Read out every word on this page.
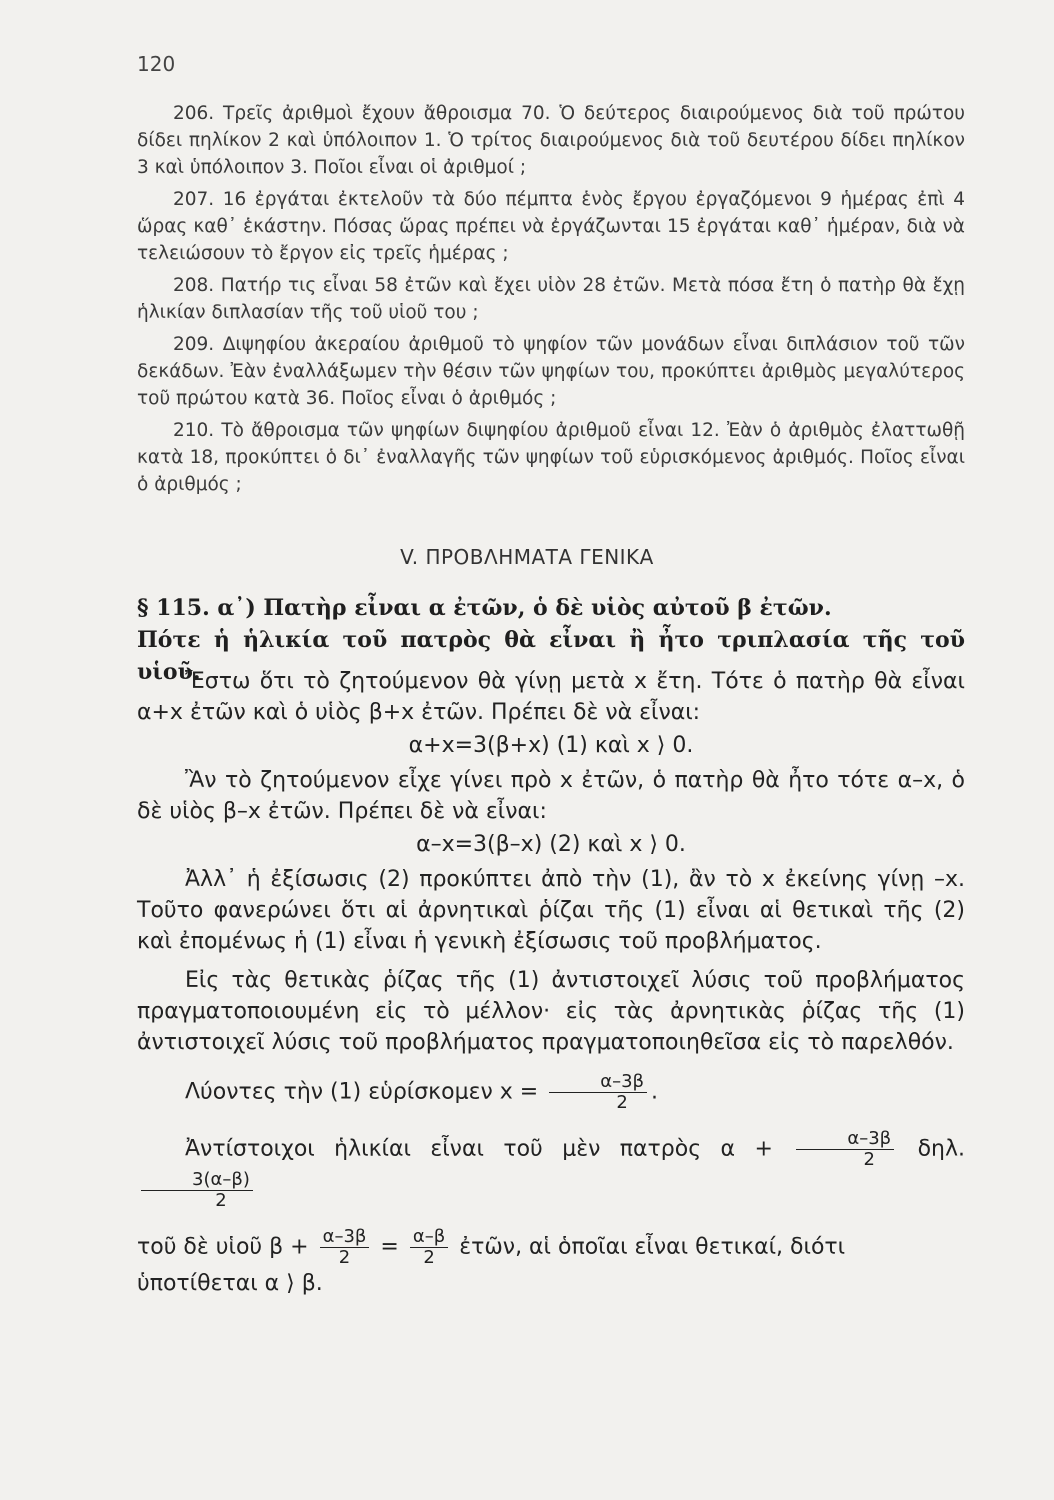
120

206. Τρεῖς ἀριθμοὶ ἔχουν ἄθροισμα 70. Ὁ δεύτερος διαιρούμενος διὰ τοῦ πρώτου δίδει πηλίκον 2 καὶ ὑπόλοιπον 1. Ὁ τρίτος διαιρούμενος διὰ τοῦ δευτέρου δίδει πηλίκον 3 καὶ ὑπόλοιπον 3. Ποῖοι εἶναι οἱ ἀριθμοί ;

207. 16 ἐργάται ἐκτελοῦν τὰ δύο πέμπτα ἑνὸς ἔργου ἐργαζόμενοι 9 ἡμέρας ἐπὶ 4 ὥρας καθ᾽ ἑκάστην. Πόσας ὥρας πρέπει νὰ ἐργάζωνται 15 ἐργάται καθ᾽ ἡμέραν, διὰ νὰ τελειώσουν τὸ ἔργον εἰς τρεῖς ἡμέρας ;

208. Πατήρ τις εἶναι 58 ἐτῶν καὶ ἔχει υἱὸν 28 ἐτῶν. Μετὰ πόσα ἔτη ὁ πατὴρ θὰ ἔχῃ ἡλικίαν διπλασίαν τῆς τοῦ υἱοῦ του ;

209. Διψηφίου ἀκεραίου ἀριθμοῦ τὸ ψηφίον τῶν μονάδων εἶναι διπλάσιον τοῦ τῶν δεκάδων. Ἐὰν ἐναλλάξωμεν τὴν θέσιν τῶν ψηφίων του, προκύπτει ἀριθμὸς μεγαλύτερος τοῦ πρώτου κατὰ 36. Ποῖος εἶναι ὁ ἀριθμός ;

210. Τὸ ἄθροισμα τῶν ψηφίων διψηφίου ἀριθμοῦ εἶναι 12. Ἐὰν ὁ ἀριθμὸς ἐλαττωθῇ κατὰ 18, προκύπτει ὁ δι᾽ ἐναλλαγῆς τῶν ψηφίων τοῦ εὑρισκόμενος ἀριθμός. Ποῖος εἶναι ὁ ἀριθμός ;

V. ΠΡΟΒΛΗΜΑΤΑ ΓΕΝΙΚΑ
§ 115. α᾽) Πατὴρ εἶναι α ἐτῶν, ὁ δὲ υἱὸς αὐτοῦ β ἐτῶν.
Πότε ἡ ἡλικία τοῦ πατρὸς θὰ εἶναι ἢ ἦτο τριπλασία τῆς τοῦ υἱοῦ.

Ἔστω ὅτι τὸ ζητούμενον θὰ γίνῃ μετὰ x ἔτη. Τότε ὁ πατὴρ θὰ εἶναι α+x ἐτῶν καὶ ὁ υἱὸς β+x ἐτῶν. Πρέπει δὲ νὰ εἶναι:

α+x=3(β+x) (1) καὶ x ⟩ 0.

Ἂν τὸ ζητούμενον εἶχε γίνει πρὸ x ἐτῶν, ὁ πατὴρ θὰ ἦτο τότε α–x, ὁ δὲ υἱὸς β–x ἐτῶν. Πρέπει δὲ νὰ εἶναι:

α–x=3(β–x) (2) καὶ x ⟩ 0.

Ἀλλ᾽ ἡ ἐξίσωσις (2) προκύπτει ἀπὸ τὴν (1), ἂν τὸ x ἐκείνης γίνῃ –x. Τοῦτο φανερώνει ὅτι αἱ ἀρνητικαὶ ῥίζαι τῆς (1) εἶναι αἱ θετικαὶ τῆς (2) καὶ ἐπομένως ἡ (1) εἶναι ἡ γενικὴ ἐξίσωσις τοῦ προβλήματος.

Εἰς τὰς θετικὰς ῥίζας τῆς (1) ἀντιστοιχεῖ λύσις τοῦ προβλήματος πραγματοποιουμένη εἰς τὸ μέλλον· εἰς τὰς ἀρνητικὰς ῥίζας τῆς (1) ἀντιστοιχεῖ λύσις τοῦ προβλήματος πραγματοποιηθεῖσα εἰς τὸ παρελθόν.

Λύοντες τὴν (1) εὑρίσκομεν $x = \frac{\alpha-3\beta}{2}$ .

Ἀντίστοιχοι ἡλικίαι εἶναι τοῦ μὲν πατρὸς $\alpha + \frac{\alpha-3\beta}{2} \delta\eta\lambda$.
$\frac{3(\alpha-\beta)}{2}$

τοῦ δὲ υἱοῦ $\beta + \frac{\alpha-3\beta}{2} = \frac{\alpha-\beta}{2}$ ἐτῶν, αἱ ὁποῖαι εἶναι θετικαί, διότι

ὑποτίθεται α ⟩ β.
